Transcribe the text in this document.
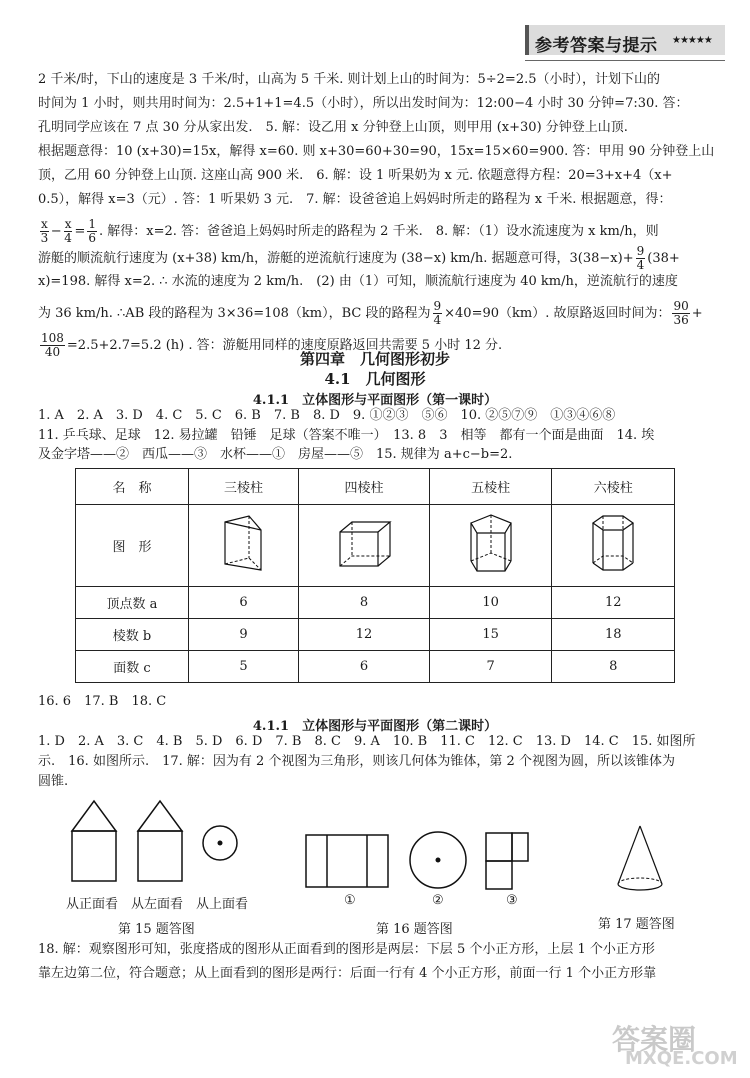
参考答案与提示 ★★★★★
2 千米/时，下山的速度是 3 千米/时，山高为 5 千米. 则计划上山的时间为：5÷2=2.5（小时），计划下山的
时间为 1 小时，则共用时间为：2.5+1+1=4.5（小时），所以出发时间为：12:00−4 小时 30 分钟=7:30. 答：
孔明同学应该在 7 点 30 分从家出发.　5. 解：设乙用 x 分钟登上山顶，则甲用 (x+30) 分钟登上山顶.
根据题意得：10 (x+30)=15x，解得 x=60. 则 x+30=60+30=90，15x=15×60=900. 答：甲用 90 分钟登上山
顶，乙用 60 分钟登上山顶. 这座山高 900 米.　6. 解：设 1 听果奶为 x 元. 依题意得方程：20=3+x+4（x+
0.5），解得 x=3（元）. 答：1 听果奶 3 元.　7. 解：设爸爸追上妈妈时所走的路程为 x 千米. 根据题意，得：
$\frac{x}{3} - \frac{x}{4} = \frac{1}{6}$ . 解得：x=2. 答：爸爸追上妈妈时所走的路程为 2 千米.　8. 解：（1）设水流速度为 x km/h，则
游艇的顺流航行速度为 (x+38) km/h，游艇的逆流航行速度为 (38−x) km/h. 据题意可得，$3(38-x)+ \frac{9}{4} (38+$
x)=198. 解得 x=2. ∴ 水流的速度为 2 km/h.　(2) 由（1）可知，顺流航行速度为 40 km/h，逆流航行的速度
为 36 km/h. ∴AB 段的路程为 3×36=108（km），BC 段的路程为 $\frac{9}{4} \times 40=90(km)$. 故原路返回时间为： $\frac{90}{36}$ +
$\frac{108}{40} =2.5+2.7=5.2$ (h) . 答：游艇用同样的速度原路返回共需要 5 小时 12 分.
第四章　几何图形初步
4.1　几何图形
4.1.1　立体图形与平面图形（第一课时）
1. A　2. A　3. D　4. C　5. C　6. B　7. B　8. D　9. ①②③　⑤⑥　10. ②⑤⑦⑨　①③④⑥⑧
11. 乒乓球、足球　12. 易拉罐　铅锤　足球（答案不唯一）　13. 8　3　相等　都有一个面是曲面　14. 埃
及金字塔——②　西瓜——③　水杯——①　房屋——⑤　15. 规律为 a+c−b=2.
名　称	三棱柱	四棱柱	五棱柱	六棱柱
图　形				
顶点数 a	6	8	10	12
棱数 b	9	12	15	18
面数 c	5	6	7	8
16. 6　17. B　18. C
4.1.1　立体图形与平面图形（第二课时）
1. D　2. A　3. C　4. B　5. D　6. D　7. B　8. C　9. A　10. B　11. C　12. C　13. D　14. C　15. 如图所
示.　16. 如图所示.　17. 解：因为有 2 个视图为三角形，则该几何体为锥体，第 2 个视图为圆，所以该锥体为
圆锥.
从正面看　从左面看　从上面看
第 15 题答图
①	②	③
第 16 题答图	第 17 题答图
18. 解：观察图形可知，张度搭成的图形从正面看到的图形是两层：下层 5 个小正方形，上层 1 个小正方形
靠左边第二位，符合题意；从上面看到的图形是两行：后面一行有 4 个小正方形，前面一行 1 个小正方形靠
答案圈
MXQE.COM
